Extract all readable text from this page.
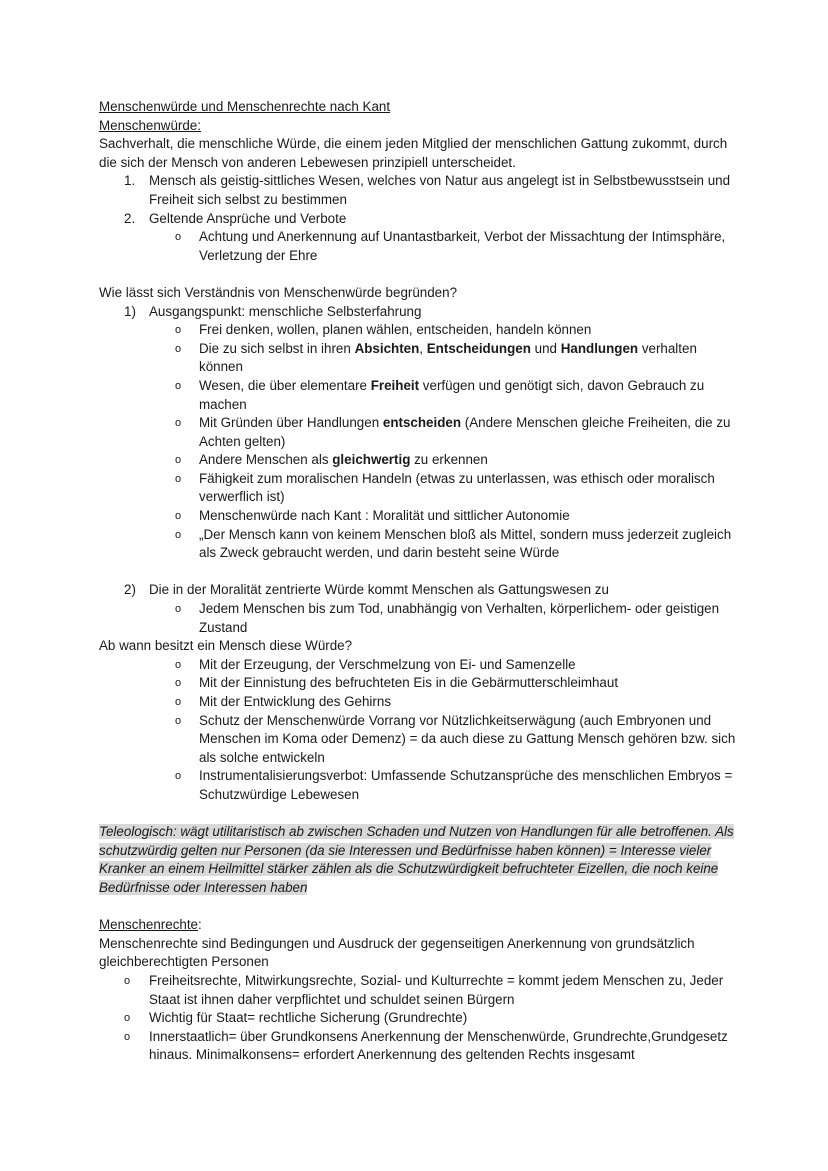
Menschenwürde und Menschenrechte nach Kant

Menschenwürde:

Sachverhalt, die menschliche Würde, die einem jeden Mitglied der menschlichen Gattung zukommt, durch die sich der Mensch von anderen Lebewesen prinzipiell unterscheidet.

1. Mensch als geistig-sittliches Wesen, welches von Natur aus angelegt ist in Selbstbewusstsein und Freiheit sich selbst zu bestimmen
2. Geltende Ansprüche und Verbote
o Achtung und Anerkennung auf Unantastbarkeit, Verbot der Missachtung der Intimsphäre, Verletzung der Ehre

Wie lässt sich Verständnis von Menschenwürde begründen?

1) Ausgangspunkt: menschliche Selbsterfahrung
o Frei denken, wollen, planen wählen, entscheiden, handeln können
o Die zu sich selbst in ihren Absichten, Entscheidungen und Handlungen verhalten können
o Wesen, die über elementare Freiheit verfügen und genötigt sich, davon Gebrauch zu machen
o Mit Gründen über Handlungen entscheiden (Andere Menschen gleiche Freiheiten, die zu Achten gelten)
o Andere Menschen als gleichwertig zu erkennen
o Fähigkeit zum moralischen Handeln (etwas zu unterlassen, was ethisch oder moralisch verwerflich ist)
o Menschenwürde nach Kant : Moralität und sittlicher Autonomie
o „Der Mensch kann von keinem Menschen bloß als Mittel, sondern muss jederzeit zugleich als Zweck gebraucht werden, und darin besteht seine Würde
2) Die in der Moralität zentrierte Würde kommt Menschen als Gattungswesen zu
o Jedem Menschen bis zum Tod, unabhängig von Verhalten, körperlichem- oder geistigen Zustand

Ab wann besitzt ein Mensch diese Würde?

o Mit der Erzeugung, der Verschmelzung von Ei- und Samenzelle
o Mit der Einnistung des befruchteten Eis in die Gebärmutterschleimhaut
o Mit der Entwicklung des Gehirns
o Schutz der Menschenwürde Vorrang vor Nützlichkeitserwägung (auch Embryonen und Menschen im Koma oder Demenz) = da auch diese zu Gattung Mensch gehören bzw. sich als solche entwickeln
o Instrumentalisierungsverbot: Umfassende Schutzansprüche des menschlichen Embryos = Schutzwürdige Lebewesen

Teleologisch: wägt utilitaristisch ab zwischen Schaden und Nutzen von Handlungen für alle betroffenen. Als schutzwürdig gelten nur Personen (da sie Interessen und Bedürfnisse haben können) = Interesse vieler Kranker an einem Heilmittel stärker zählen als die Schutzwürdigkeit befruchteter Eizellen, die noch keine Bedürfnisse oder Interessen haben

Menschenrechte:

Menschenrechte sind Bedingungen und Ausdruck der gegenseitigen Anerkennung von grundsätzlich gleichberechtigten Personen

o Freiheitsrechte, Mitwirkungsrechte, Sozial- und Kulturrechte = kommt jedem Menschen zu, Jeder Staat ist ihnen daher verpflichtet und schuldet seinen Bürgern
o Wichtig für Staat= rechtliche Sicherung (Grundrechte)
o Innerstaatlich= über Grundkonsens Anerkennung der Menschenwürde, Grundrechte,Grundgesetz hinaus. Minimalkonsens= erfordert Anerkennung des geltenden Rechts insgesamt
